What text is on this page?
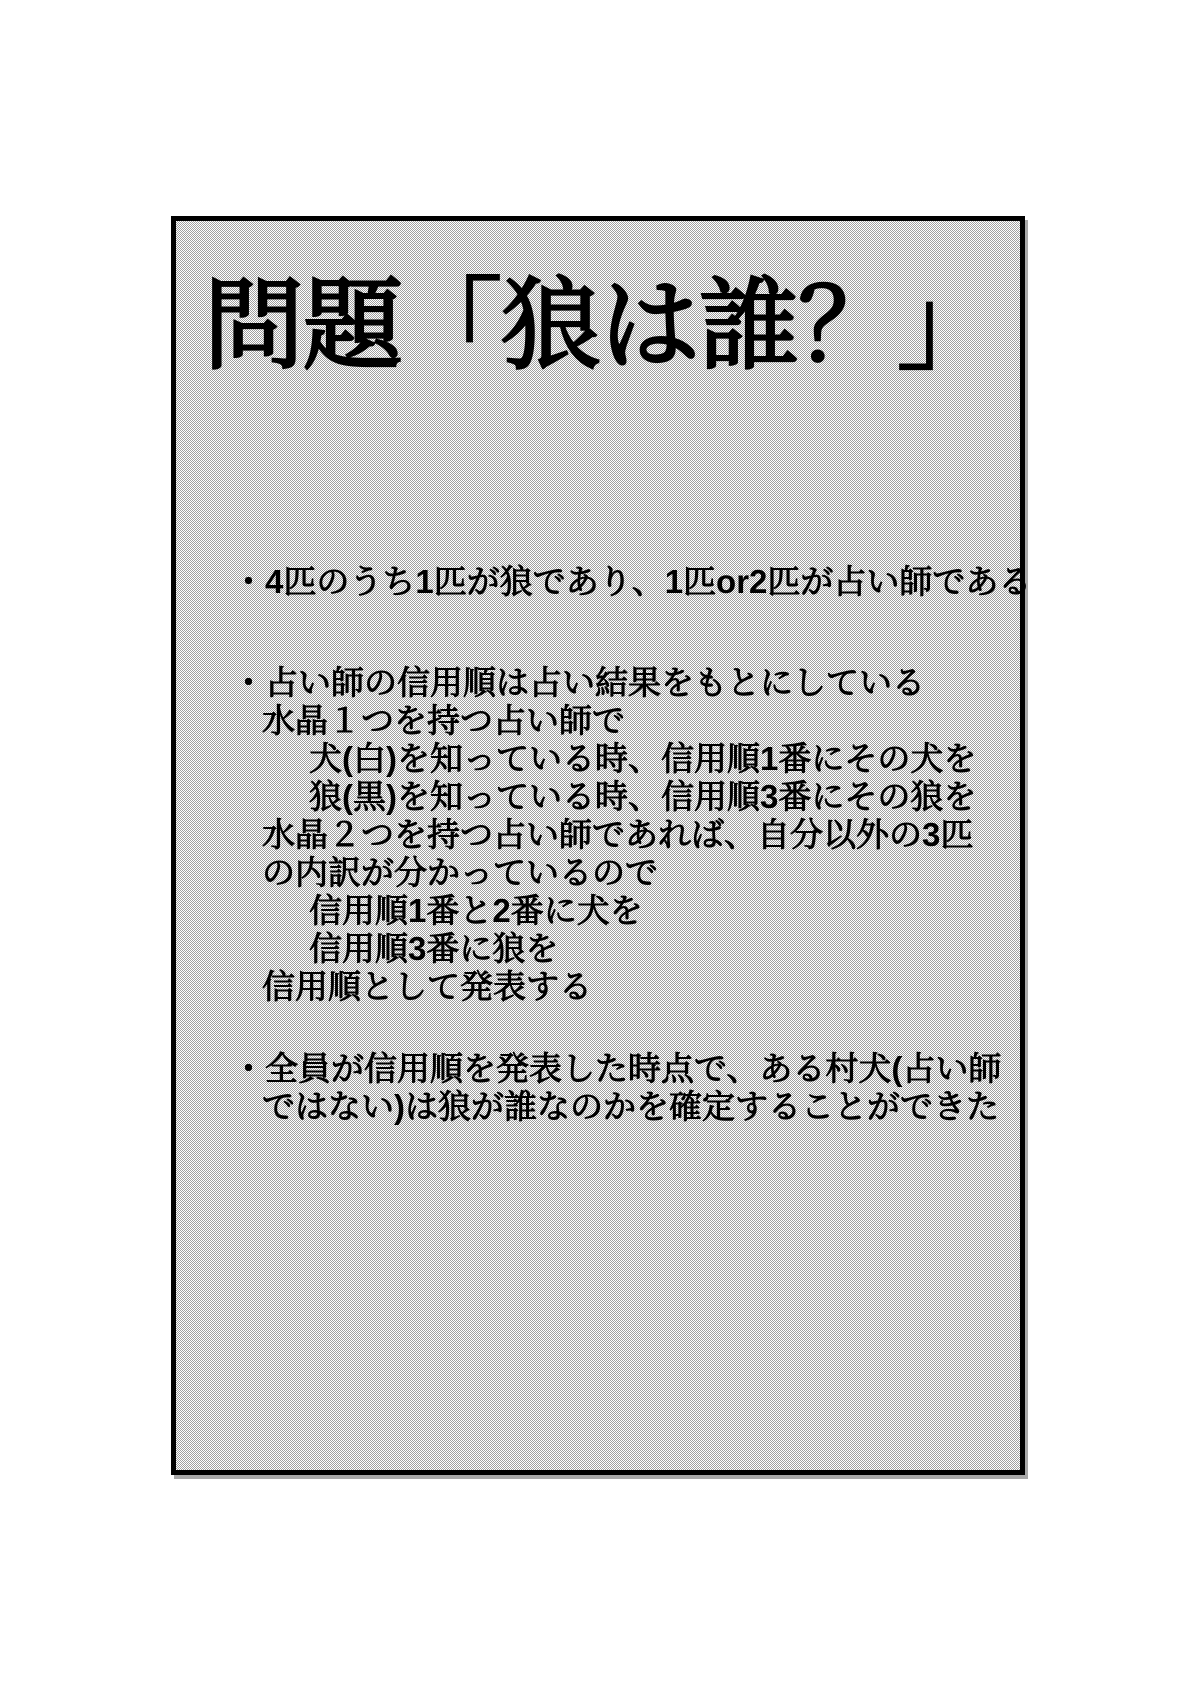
問題「狼は誰？」
・4匹のうち1匹が狼であり、1匹or2匹が占い師である
・占い師の信用順は占い結果をもとにしている
水晶１つを持つ占い師で
犬(白)を知っている時、信用順1番にその犬を
狼(黒)を知っている時、信用順3番にその狼を
水晶２つを持つ占い師であれば、自分以外の3匹
の内訳が分かっているので
信用順1番と2番に犬を
信用順3番に狼を
信用順として発表する
・全員が信用順を発表した時点で、ある村犬(占い師
ではない)は狼が誰なのかを確定することができた
